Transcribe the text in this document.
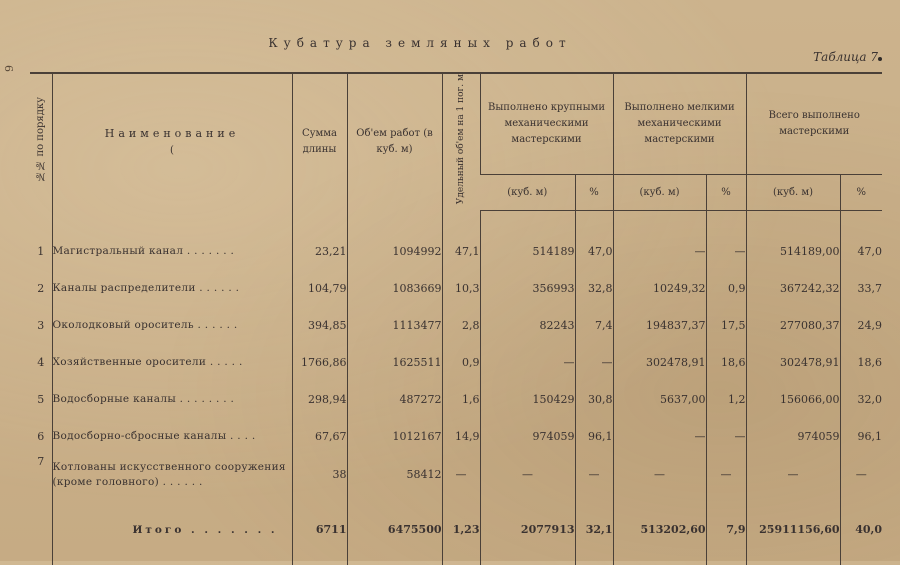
9
Кубатура земляных работ
Таблица 7
№№ по порядку	Наименование
(	Сумма длины	Об'ем работ (в куб. м)	Удельный об'ем на 1 пог. м	Выполнено крупными механическими мастерскими		Выполнено мелкими механическими мастерскими		Всего выполнено мастерскими	
					(куб. м)	%	(куб. м)	%	(куб. м)	%

1	Магистральный канал . . . . . . .	23,21	1094992	47,1	514189	47,0	—	—	514189,00	47,0
2	Каналы распределители . . . . . .	104,79	1083669	10,3	356993	32,8	10249,32	0,9	367242,32	33,7
3	Околодковый ороситель . . . . . .	394,85	1113477	2,8	82243	7,4	194837,37	17,5	277080,37	24,9
4	Хозяйственные оросители . . . . .	1766,86	1625511	0,9	—	—	302478,91	18,6	302478,91	18,6
5	Водосборные каналы . . . . . . . .	298,94	487272	1,6	150429	30,8	5637,00	1,2	156066,00	32,0
6	Водосборно-сбросные каналы . . . .	67,67	1012167	14,9	974059	96,1	—	—	974059	96,1
7	Котлованы искусственного сооружения (кроме головного) . . . . . .	38	58412	—	—	—	—	—	—	—
	Итого . . . . . . .	6711	6475500	1,23	2077913	32,1	513202,60	7,9	25911156,60	40,0
